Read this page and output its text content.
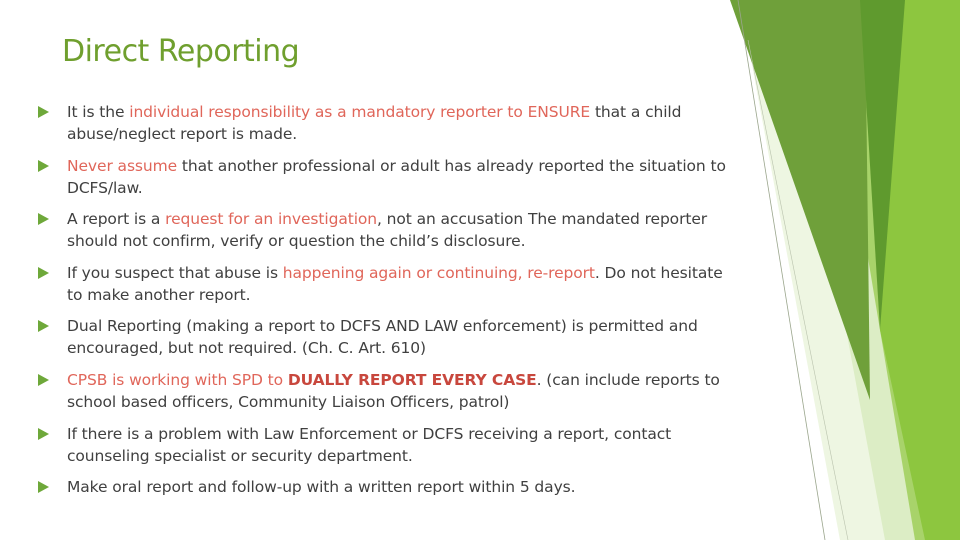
Direct Reporting
It is the individual responsibility as a mandatory reporter to ENSURE that a child abuse/neglect report is made.
Never assume that another professional or adult has already reported the situation to DCFS/law.
A report is a request for an investigation, not an accusation The mandated reporter should not confirm, verify or question the child’s disclosure.
If you suspect that abuse is happening again or continuing, re-report. Do not hesitate to make another report.
Dual Reporting (making a report to DCFS AND LAW enforcement) is permitted and encouraged, but not required. (Ch. C. Art. 610)
CPSB is working with SPD to DUALLY REPORT EVERY CASE. (can include reports to school based officers, Community Liaison Officers, patrol)
If there is a problem with Law Enforcement or DCFS receiving a report, contact counseling specialist or security department.
Make oral report and follow-up with a written report within 5 days.
